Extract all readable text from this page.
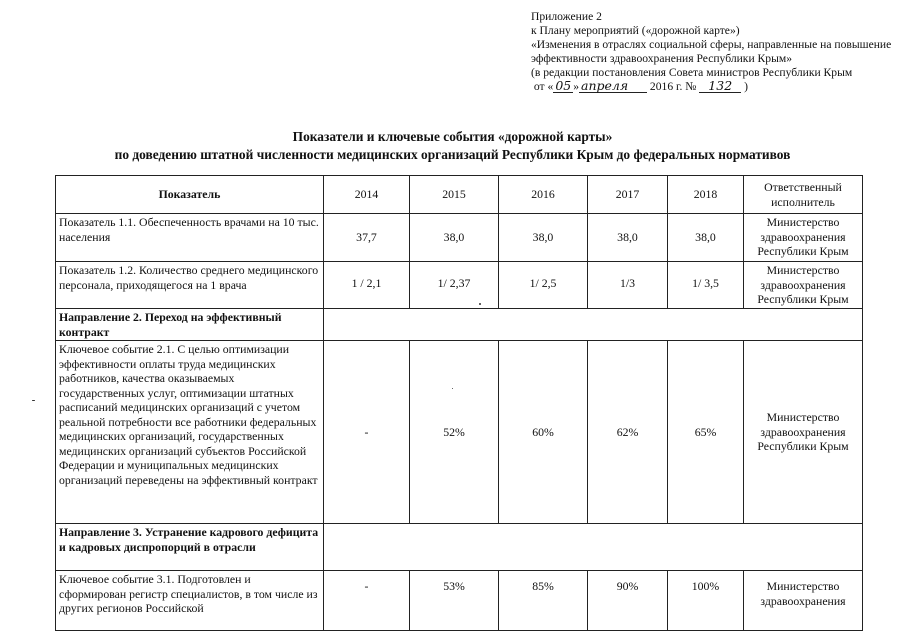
Приложение 2
к Плану мероприятий («дорожной карте»)
«Изменения в отраслях социальной сферы, направленные на повышение эффективности здравоохранения Республики Крым»
(в редакции постановления Совета министров Республики Крым
от « 05 » апреля 2016 г. № 132 )
Показатели и ключевые события «дорожной карты»
по доведению штатной численности медицинских организаций Республики Крым до федеральных нормативов
Показатель	2014	2015	2016	2017	2018	Ответственный исполнитель
Показатель 1.1. Обеспеченность врачами на 10 тыс. населения	37,7	38,0	38,0	38,0	38,0	Министерство здравоохранения Республики Крым
Показатель 1.2. Количество среднего медицинского персонала, приходящегося на 1 врача	1 / 2,1	1/ 2,37	1/ 2,5	1/3	1/ 3,5	Министерство здравоохранения Республики Крым
Направление 2. Переход на эффективный контракт						
Ключевое событие 2.1. С целью оптимизации эффективности оплаты труда медицинских работников, качества оказываемых государственных услуг, оптимизации штатных расписаний медицинских организаций с учетом реальной потребности все работники федеральных медицинских организаций, государственных медицинских организаций субъектов Российской Федерации и муниципальных медицинских организаций переведены на эффективный контракт	-	52%	60%	62%	65%	Министерство здравоохранения Республики Крым
Направление 3. Устранение кадрового дефицита и кадровых диспропорций в отрасли						
Ключевое событие 3.1. Подготовлен и сформирован регистр специалистов, в том числе из других регионов Российской	-	53%	85%	90%	100%	Министерство здравоохранения
